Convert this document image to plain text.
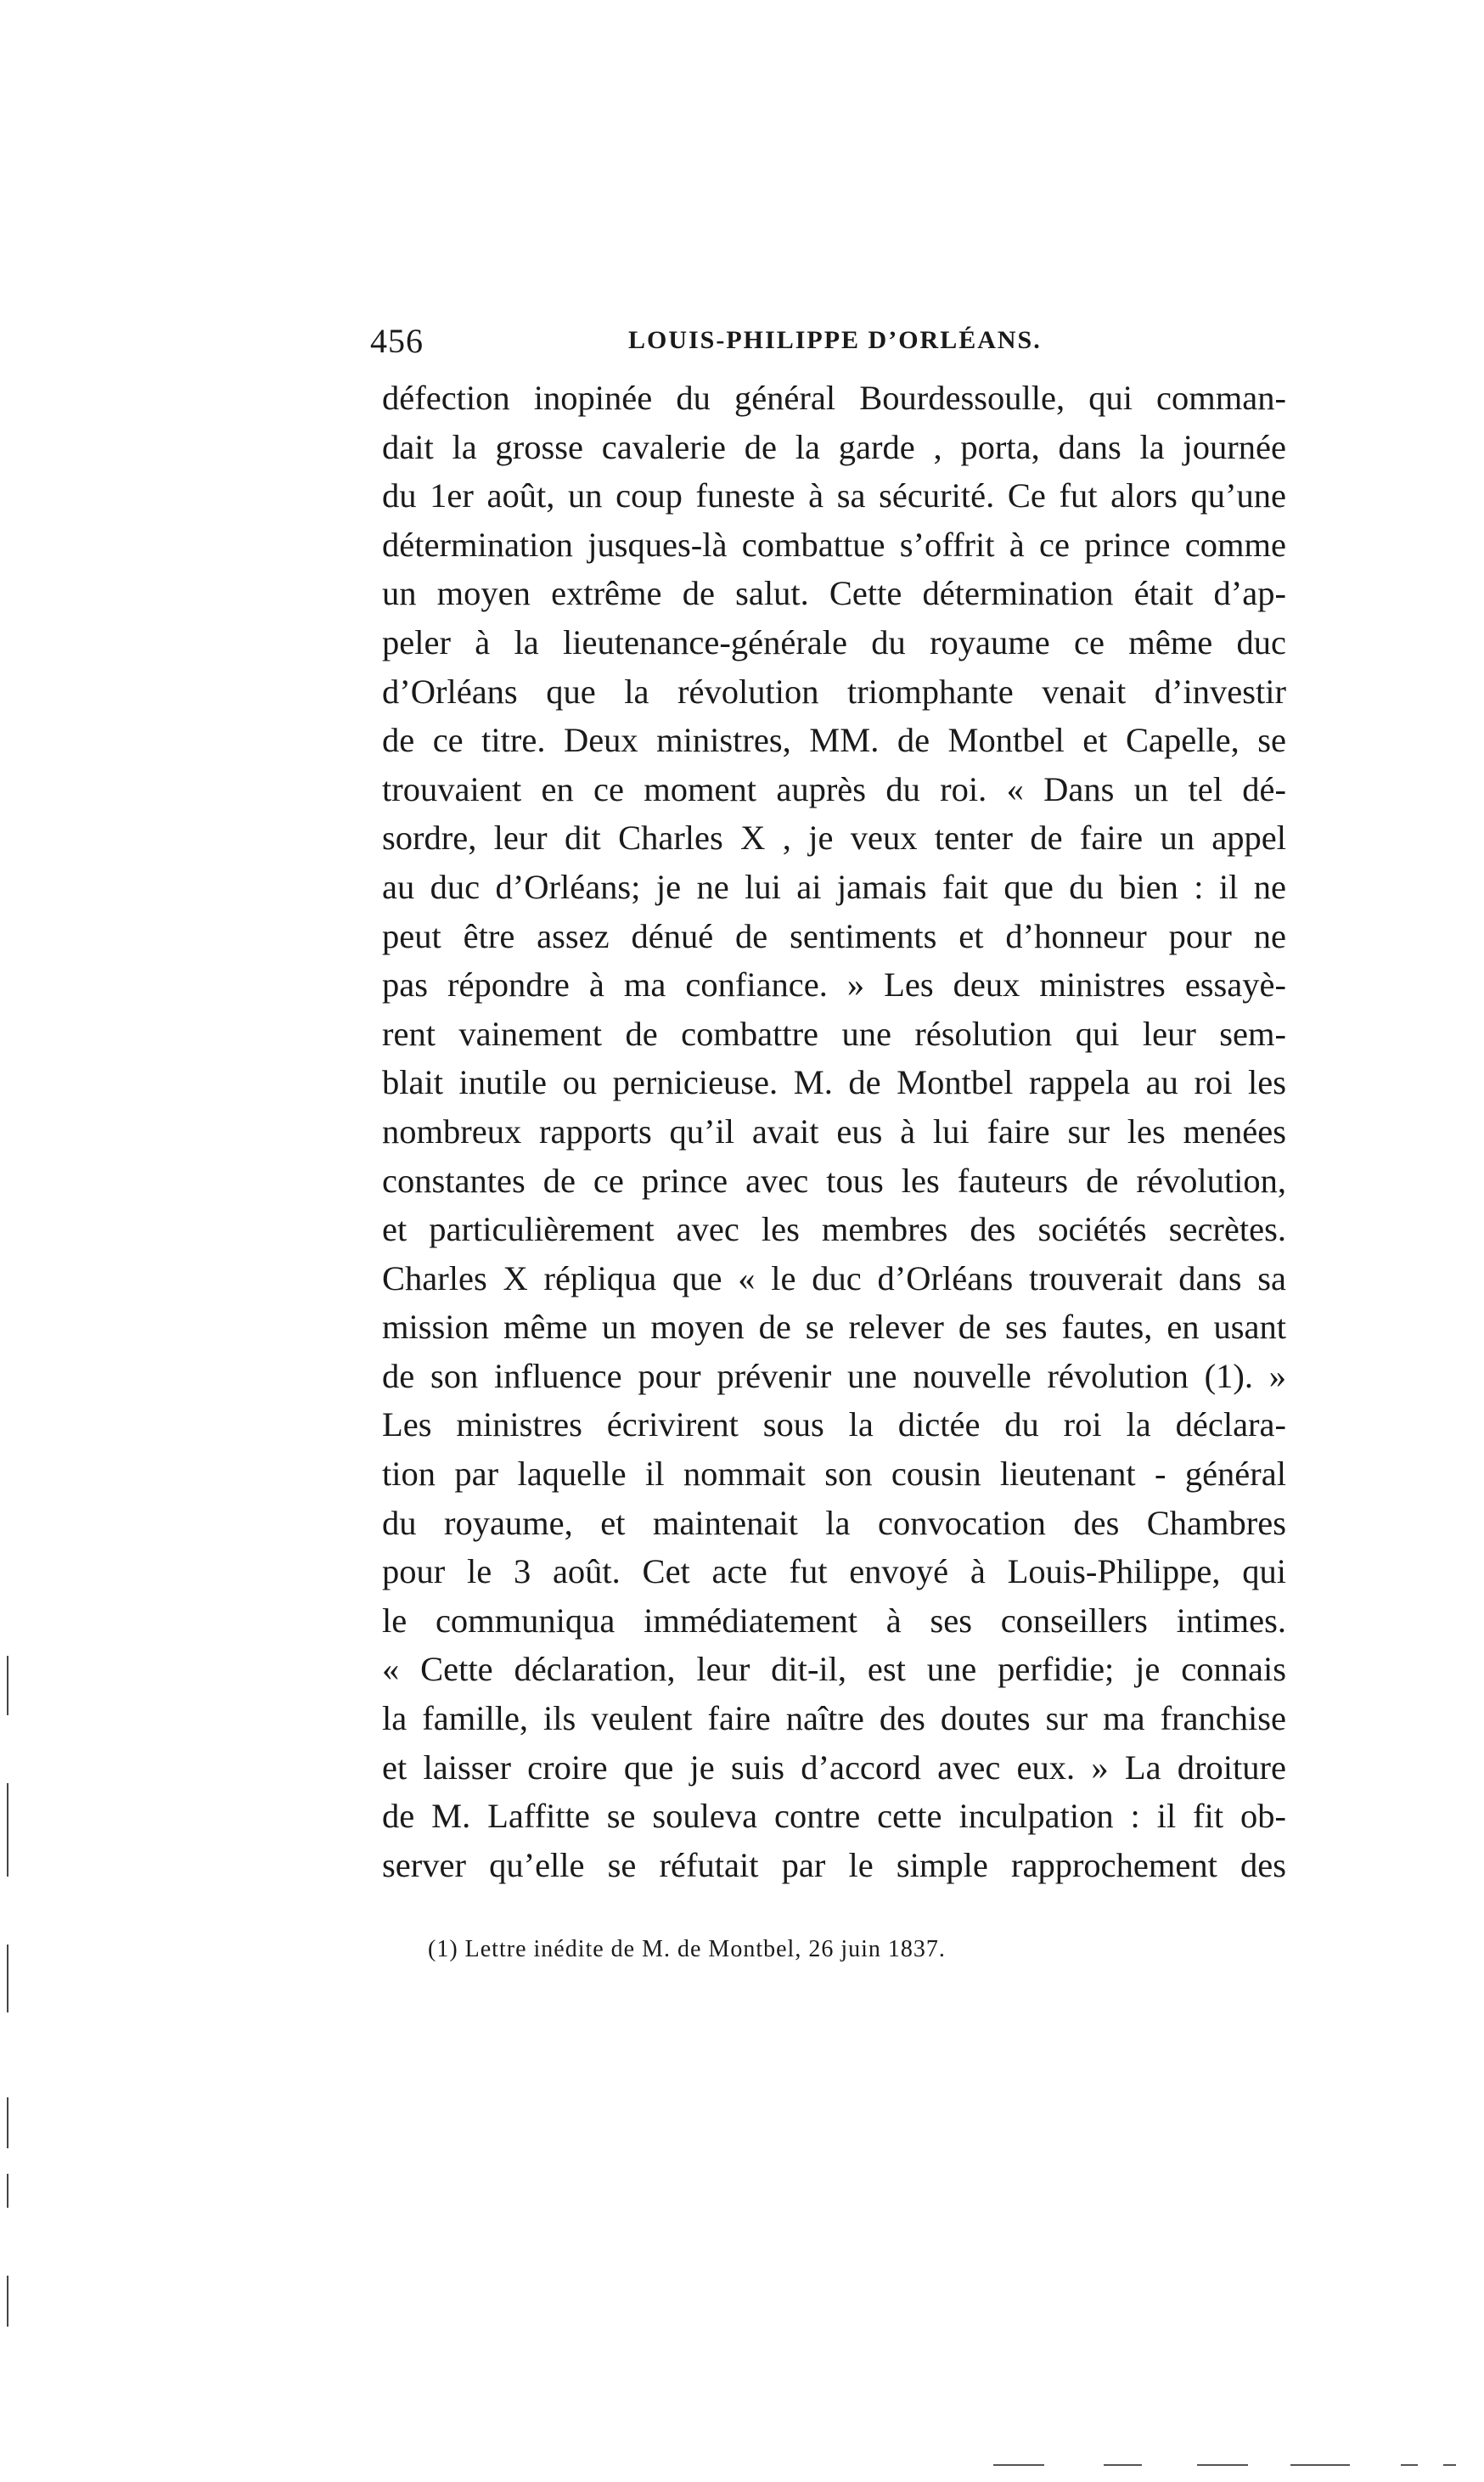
456	LOUIS-PHILIPPE D’ORLÉANS.
défection inopinée du général Bourdessoulle, qui comman-
dait la grosse cavalerie de la garde , porta, dans la journée
du 1er août, un coup funeste à sa sécurité. Ce fut alors qu’une
détermination jusques-là combattue s’offrit à ce prince comme
un moyen extrême de salut. Cette détermination était d’ap-
peler à la lieutenance-générale du royaume ce même duc
d’Orléans que la révolution triomphante venait d’investir
de ce titre. Deux ministres, MM. de Montbel et Capelle, se
trouvaient en ce moment auprès du roi. « Dans un tel dé-
sordre, leur dit Charles X , je veux tenter de faire un appel
au duc d’Orléans; je ne lui ai jamais fait que du bien : il ne
peut être assez dénué de sentiments et d’honneur pour ne
pas répondre à ma confiance. » Les deux ministres essayè-
rent vainement de combattre une résolution qui leur sem-
blait inutile ou pernicieuse. M. de Montbel rappela au roi les
nombreux rapports qu’il avait eus à lui faire sur les menées
constantes de ce prince avec tous les fauteurs de révolution,
et particulièrement avec les membres des sociétés secrètes.
Charles X répliqua que « le duc d’Orléans trouverait dans sa
mission même un moyen de se relever de ses fautes, en usant
de son influence pour prévenir une nouvelle révolution (1). »
Les ministres écrivirent sous la dictée du roi la déclara-
tion par laquelle il nommait son cousin lieutenant - général
du royaume, et maintenait la convocation des Chambres
pour le 3 août. Cet acte fut envoyé à Louis-Philippe, qui
le communiqua immédiatement à ses conseillers intimes.
« Cette déclaration, leur dit-il, est une perfidie; je connais
la famille, ils veulent faire naître des doutes sur ma franchise
et laisser croire que je suis d’accord avec eux. » La droiture
de M. Laffitte se souleva contre cette inculpation : il fit ob-
server qu’elle se réfutait par le simple rapprochement des
(1) Lettre inédite de M. de Montbel, 26 juin 1837.
